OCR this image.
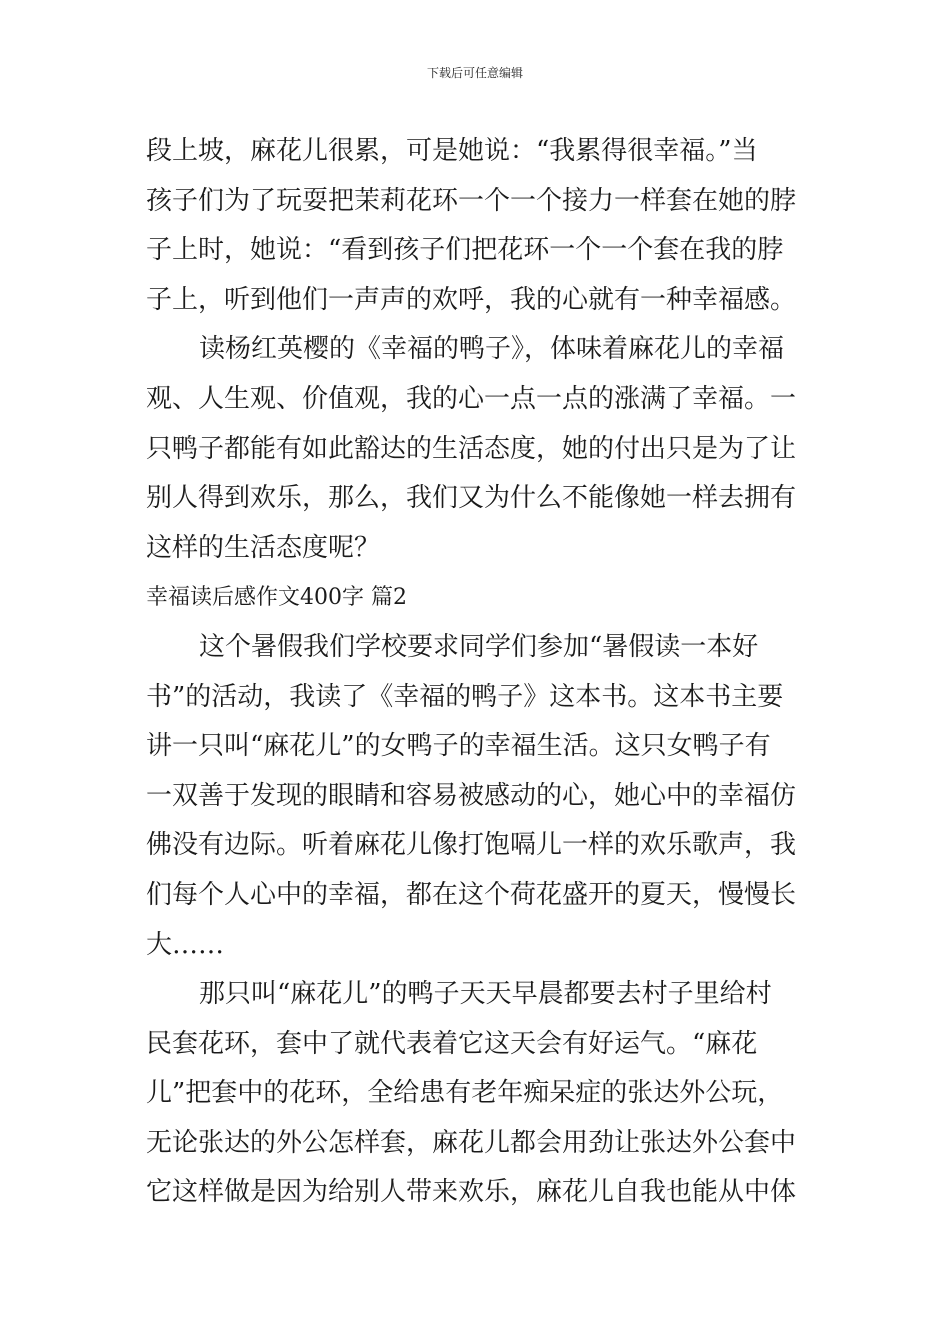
下载后可任意编辑
段上坡，麻花儿很累，可是她说：“我累得很幸福。”当
孩子们为了玩耍把茉莉花环一个一个接力一样套在她的脖
子上时，她说：“看到孩子们把花环一个一个套在我的脖
子上，听到他们一声声的欢呼，我的心就有一种幸福感。
读杨红英樱的《幸福的鸭子》，体味着麻花儿的幸福
观、人生观、价值观，我的心一点一点的涨满了幸福。一
只鸭子都能有如此豁达的生活态度，她的付出只是为了让
别人得到欢乐，那么，我们又为什么不能像她一样去拥有
这样的生活态度呢？
幸福读后感作文400字 篇2
这个暑假我们学校要求同学们参加“暑假读一本好
书”的活动，我读了《幸福的鸭子》这本书。这本书主要
讲一只叫“麻花儿”的女鸭子的幸福生活。这只女鸭子有
一双善于发现的眼睛和容易被感动的心，她心中的幸福仿
佛没有边际。听着麻花儿像打饱嗝儿一样的欢乐歌声，我
们每个人心中的幸福，都在这个荷花盛开的夏天，慢慢长
大……
那只叫“麻花儿”的鸭子天天早晨都要去村子里给村
民套花环，套中了就代表着它这天会有好运气。“麻花
儿”把套中的花环，全给患有老年痴呆症的张达外公玩，
无论张达的外公怎样套，麻花儿都会用劲让张达外公套中
它这样做是因为给别人带来欢乐，麻花儿自我也能从中体
